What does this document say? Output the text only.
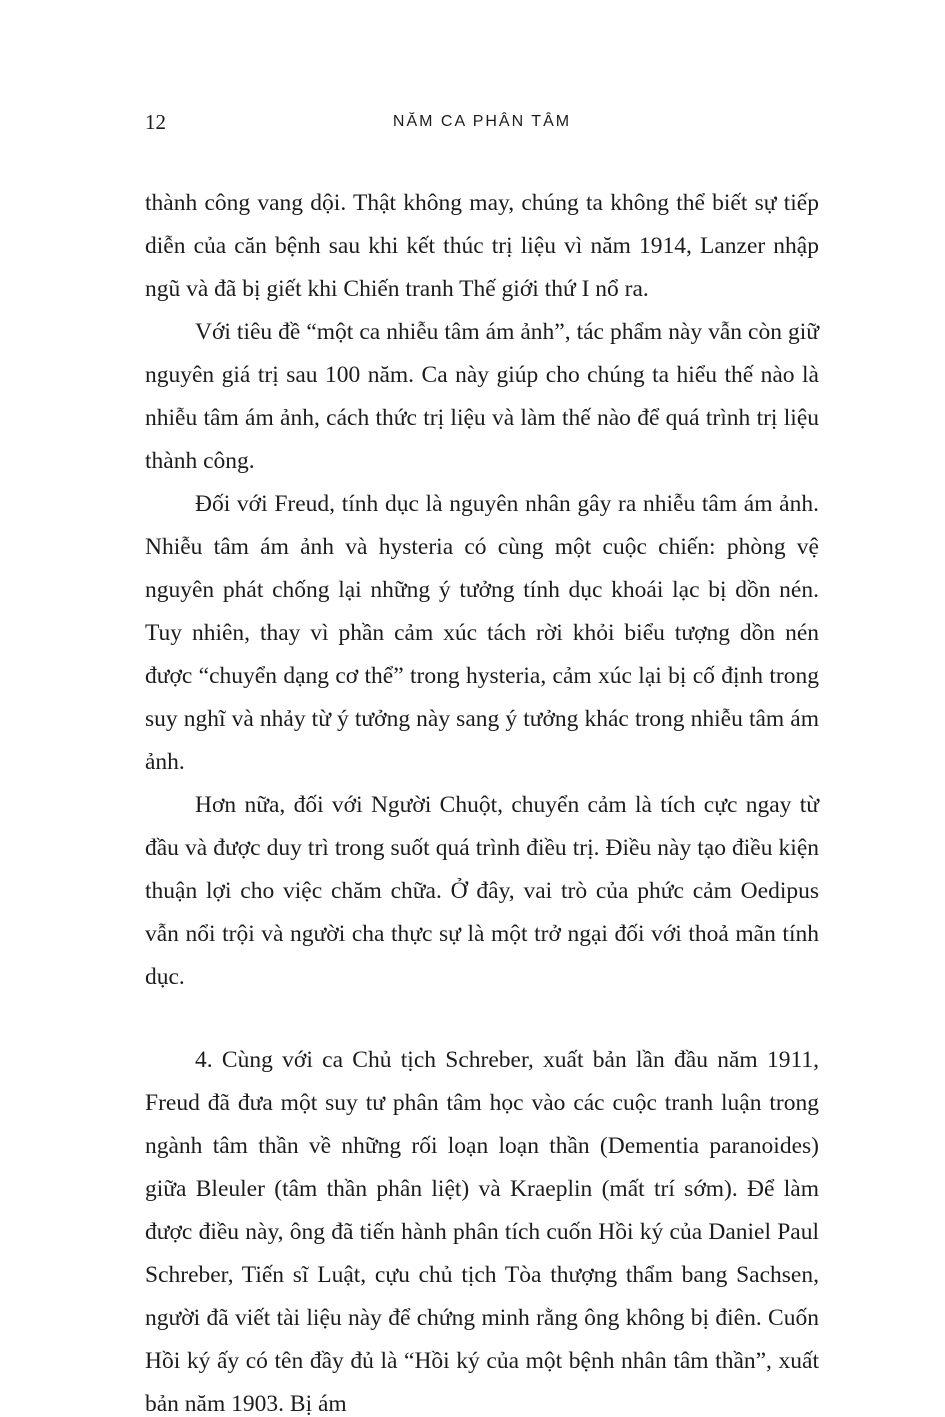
12	NĂM CA PHÂN TÂM

thành công vang dội. Thật không may, chúng ta không thể biết sự tiếp diễn của căn bệnh sau khi kết thúc trị liệu vì năm 1914, Lanzer nhập ngũ và đã bị giết khi Chiến tranh Thế giới thứ I nổ ra.

Với tiêu đề “một ca nhiễu tâm ám ảnh”, tác phẩm này vẫn còn giữ nguyên giá trị sau 100 năm. Ca này giúp cho chúng ta hiểu thế nào là nhiễu tâm ám ảnh, cách thức trị liệu và làm thế nào để quá trình trị liệu thành công.

Đối với Freud, tính dục là nguyên nhân gây ra nhiễu tâm ám ảnh. Nhiễu tâm ám ảnh và hysteria có cùng một cuộc chiến: phòng vệ nguyên phát chống lại những ý tưởng tính dục khoái lạc bị dồn nén. Tuy nhiên, thay vì phần cảm xúc tách rời khỏi biểu tượng dồn nén được “chuyển dạng cơ thể” trong hysteria, cảm xúc lại bị cố định trong suy nghĩ và nhảy từ ý tưởng này sang ý tưởng khác trong nhiễu tâm ám ảnh.

Hơn nữa, đối với Người Chuột, chuyển cảm là tích cực ngay từ đầu và được duy trì trong suốt quá trình điều trị. Điều này tạo điều kiện thuận lợi cho việc chăm chữa. Ở đây, vai trò của phức cảm Oedipus vẫn nổi trội và người cha thực sự là một trở ngại đối với thoả mãn tính dục.

4. Cùng với ca Chủ tịch Schreber, xuất bản lần đầu năm 1911, Freud đã đưa một suy tư phân tâm học vào các cuộc tranh luận trong ngành tâm thần về những rối loạn loạn thần (Dementia paranoides) giữa Bleuler (tâm thần phân liệt) và Kraeplin (mất trí sớm). Để làm được điều này, ông đã tiến hành phân tích cuốn Hồi ký của Daniel Paul Schreber, Tiến sĩ Luật, cựu chủ tịch Tòa thượng thẩm bang Sachsen, người đã viết tài liệu này để chứng minh rằng ông không bị điên. Cuốn Hồi ký ấy có tên đầy đủ là “Hồi ký của một bệnh nhân tâm thần”, xuất bản năm 1903. Bị ám
